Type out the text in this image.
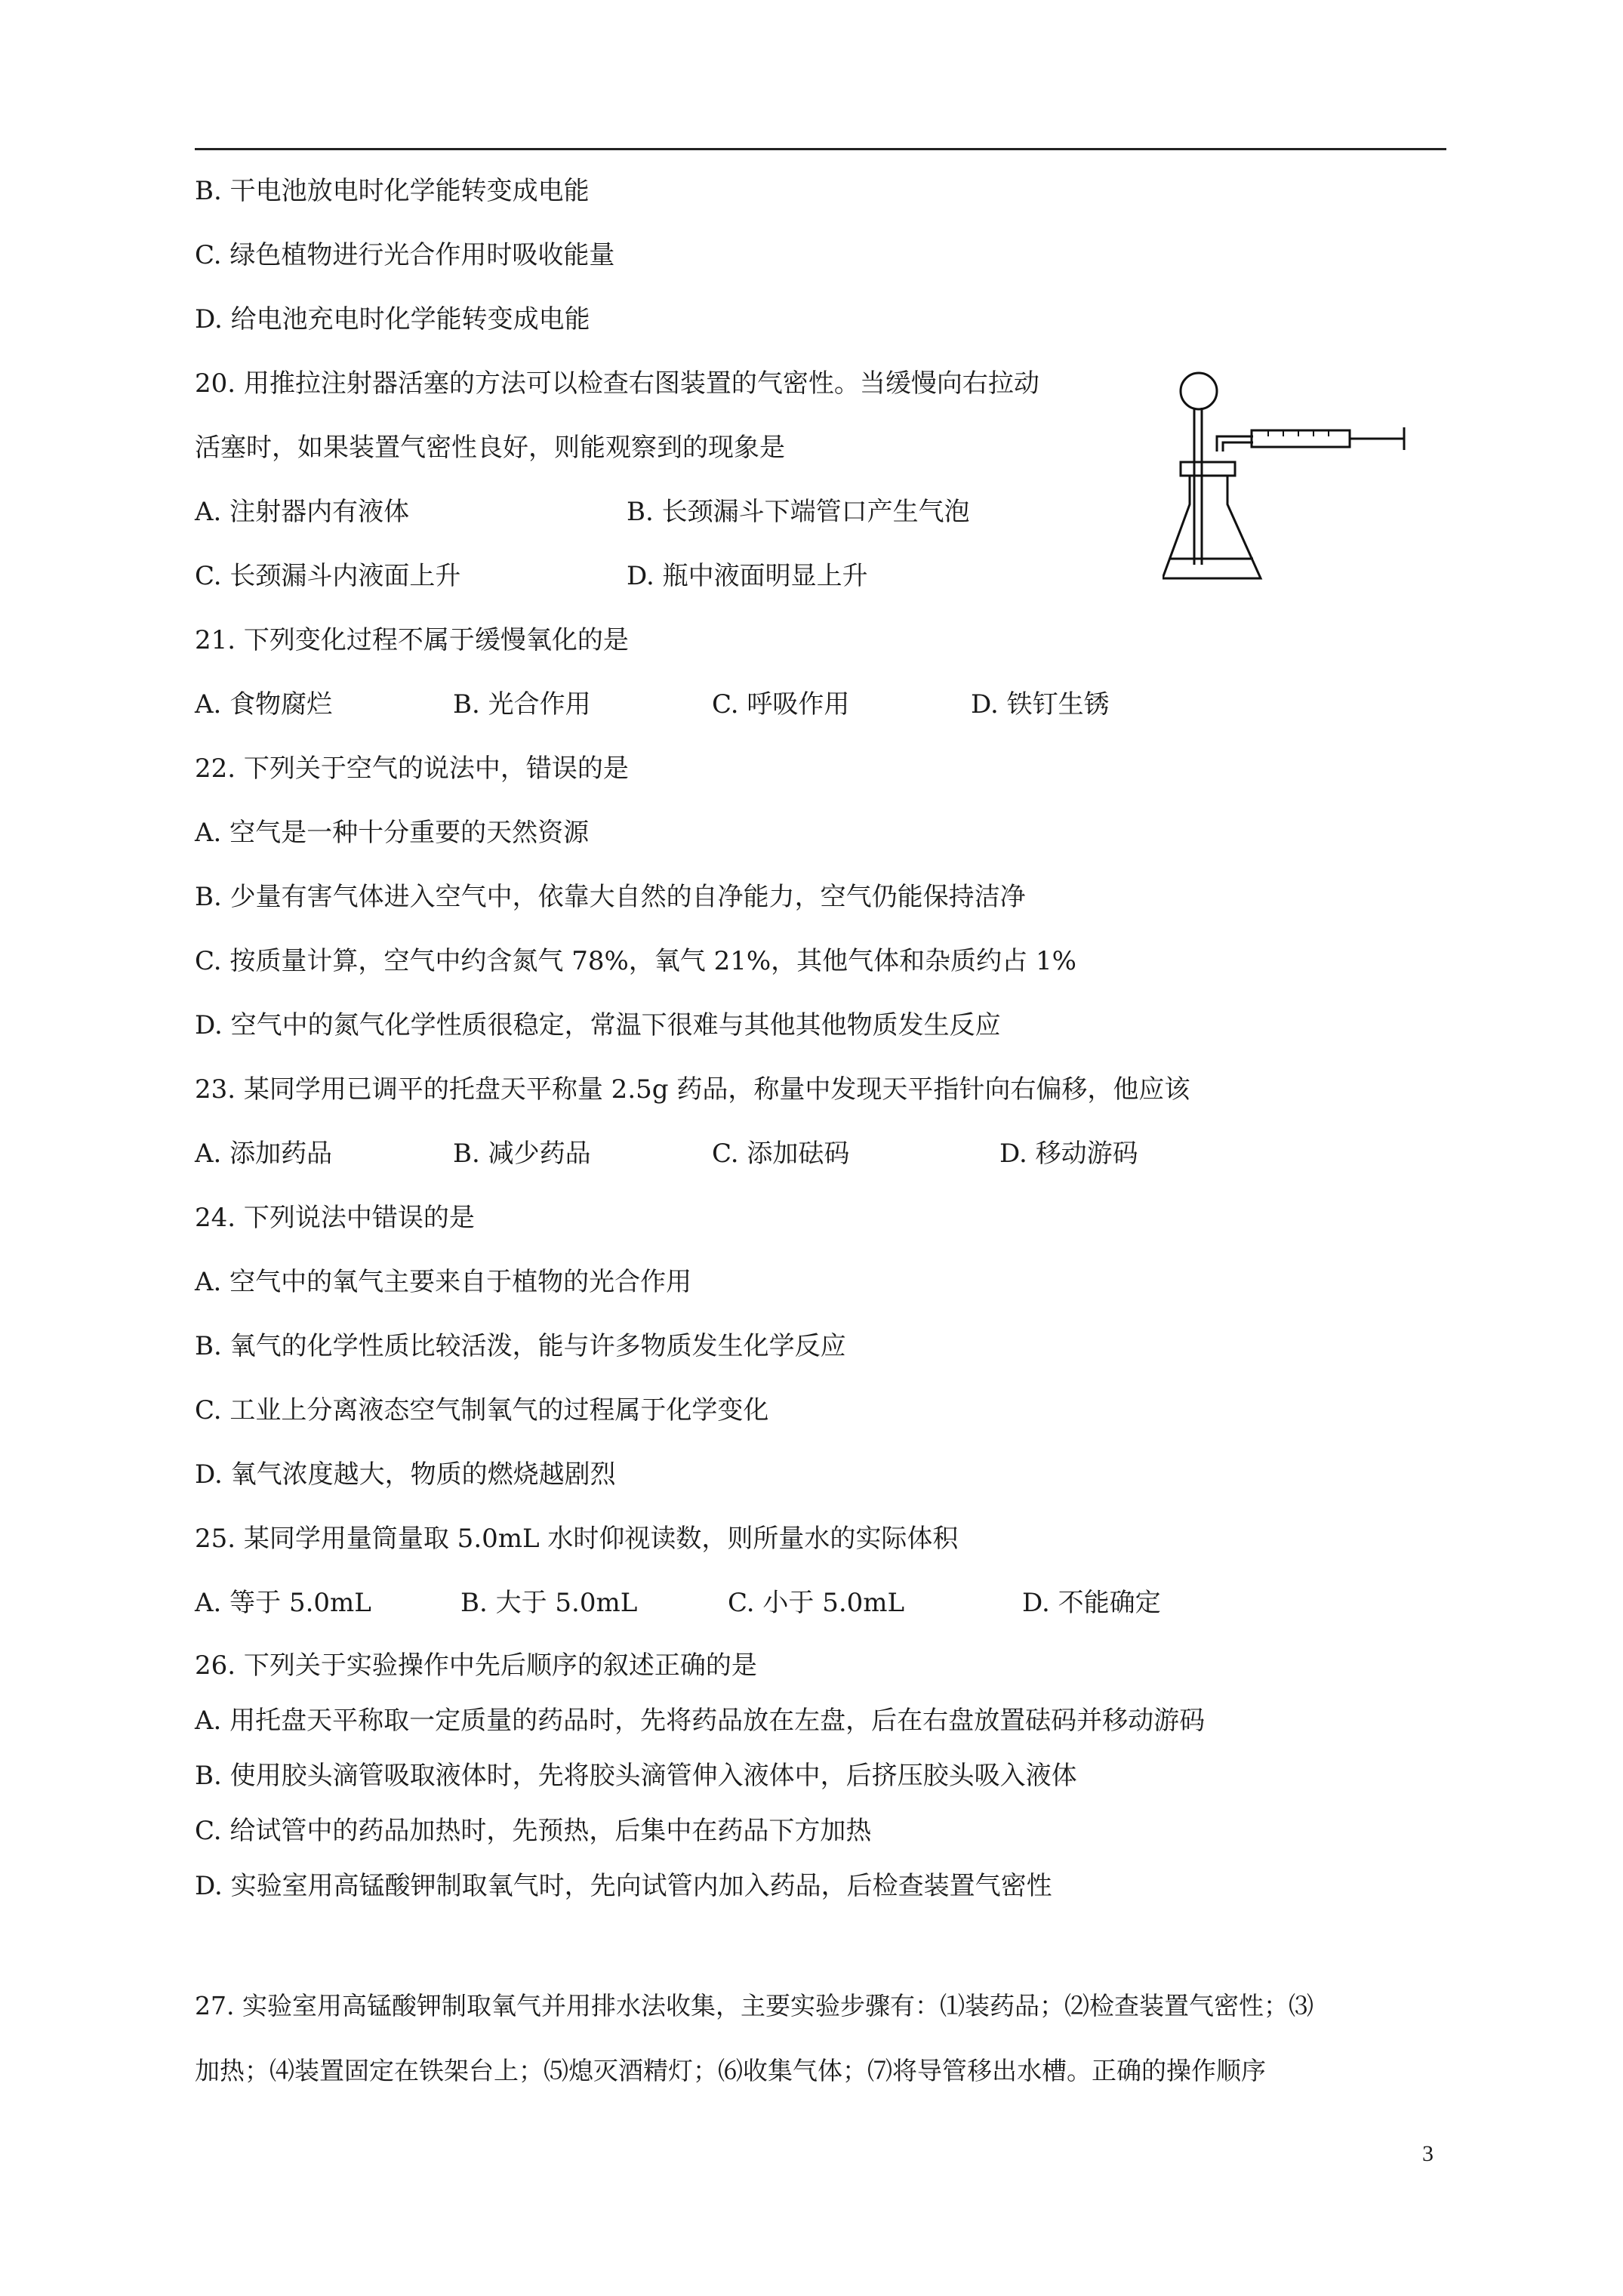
B. 干电池放电时化学能转变成电能
C. 绿色植物进行光合作用时吸收能量
D. 给电池充电时化学能转变成电能
20. 用推拉注射器活塞的方法可以检查右图装置的气密性。当缓慢向右拉动
活塞时，如果装置气密性良好，则能观察到的现象是
A. 注射器内有液体	B. 长颈漏斗下端管口产生气泡
C. 长颈漏斗内液面上升	D. 瓶中液面明显上升
21. 下列变化过程不属于缓慢氧化的是
A. 食物腐烂	B. 光合作用	C. 呼吸作用	D. 铁钉生锈
22. 下列关于空气的说法中，错误的是
A. 空气是一种十分重要的天然资源
B. 少量有害气体进入空气中，依靠大自然的自净能力，空气仍能保持洁净
C. 按质量计算，空气中约含氮气 78%，氧气 21%，其他气体和杂质约占 1%
D. 空气中的氮气化学性质很稳定，常温下很难与其他其他物质发生反应
23. 某同学用已调平的托盘天平称量 2.5g 药品，称量中发现天平指针向右偏移，他应该
A. 添加药品	B. 减少药品	C. 添加砝码	D. 移动游码
24. 下列说法中错误的是
A. 空气中的氧气主要来自于植物的光合作用
B. 氧气的化学性质比较活泼，能与许多物质发生化学反应
C. 工业上分离液态空气制氧气的过程属于化学变化
D. 氧气浓度越大，物质的燃烧越剧烈
25. 某同学用量筒量取 5.0mL 水时仰视读数，则所量水的实际体积
A. 等于 5.0mL	B. 大于 5.0mL	C. 小于 5.0mL	D. 不能确定
26. 下列关于实验操作中先后顺序的叙述正确的是
A. 用托盘天平称取一定质量的药品时，先将药品放在左盘，后在右盘放置砝码并移动游码
B. 使用胶头滴管吸取液体时，先将胶头滴管伸入液体中，后挤压胶头吸入液体
C. 给试管中的药品加热时，先预热，后集中在药品下方加热
D. 实验室用高锰酸钾制取氧气时，先向试管内加入药品，后检查装置气密性
27. 实验室用高锰酸钾制取氧气并用排水法收集，主要实验步骤有：⑴装药品；⑵检查装置气密性；⑶
加热；⑷装置固定在铁架台上；⑸熄灭酒精灯；⑹收集气体；⑺将导管移出水槽。正确的操作顺序
3
